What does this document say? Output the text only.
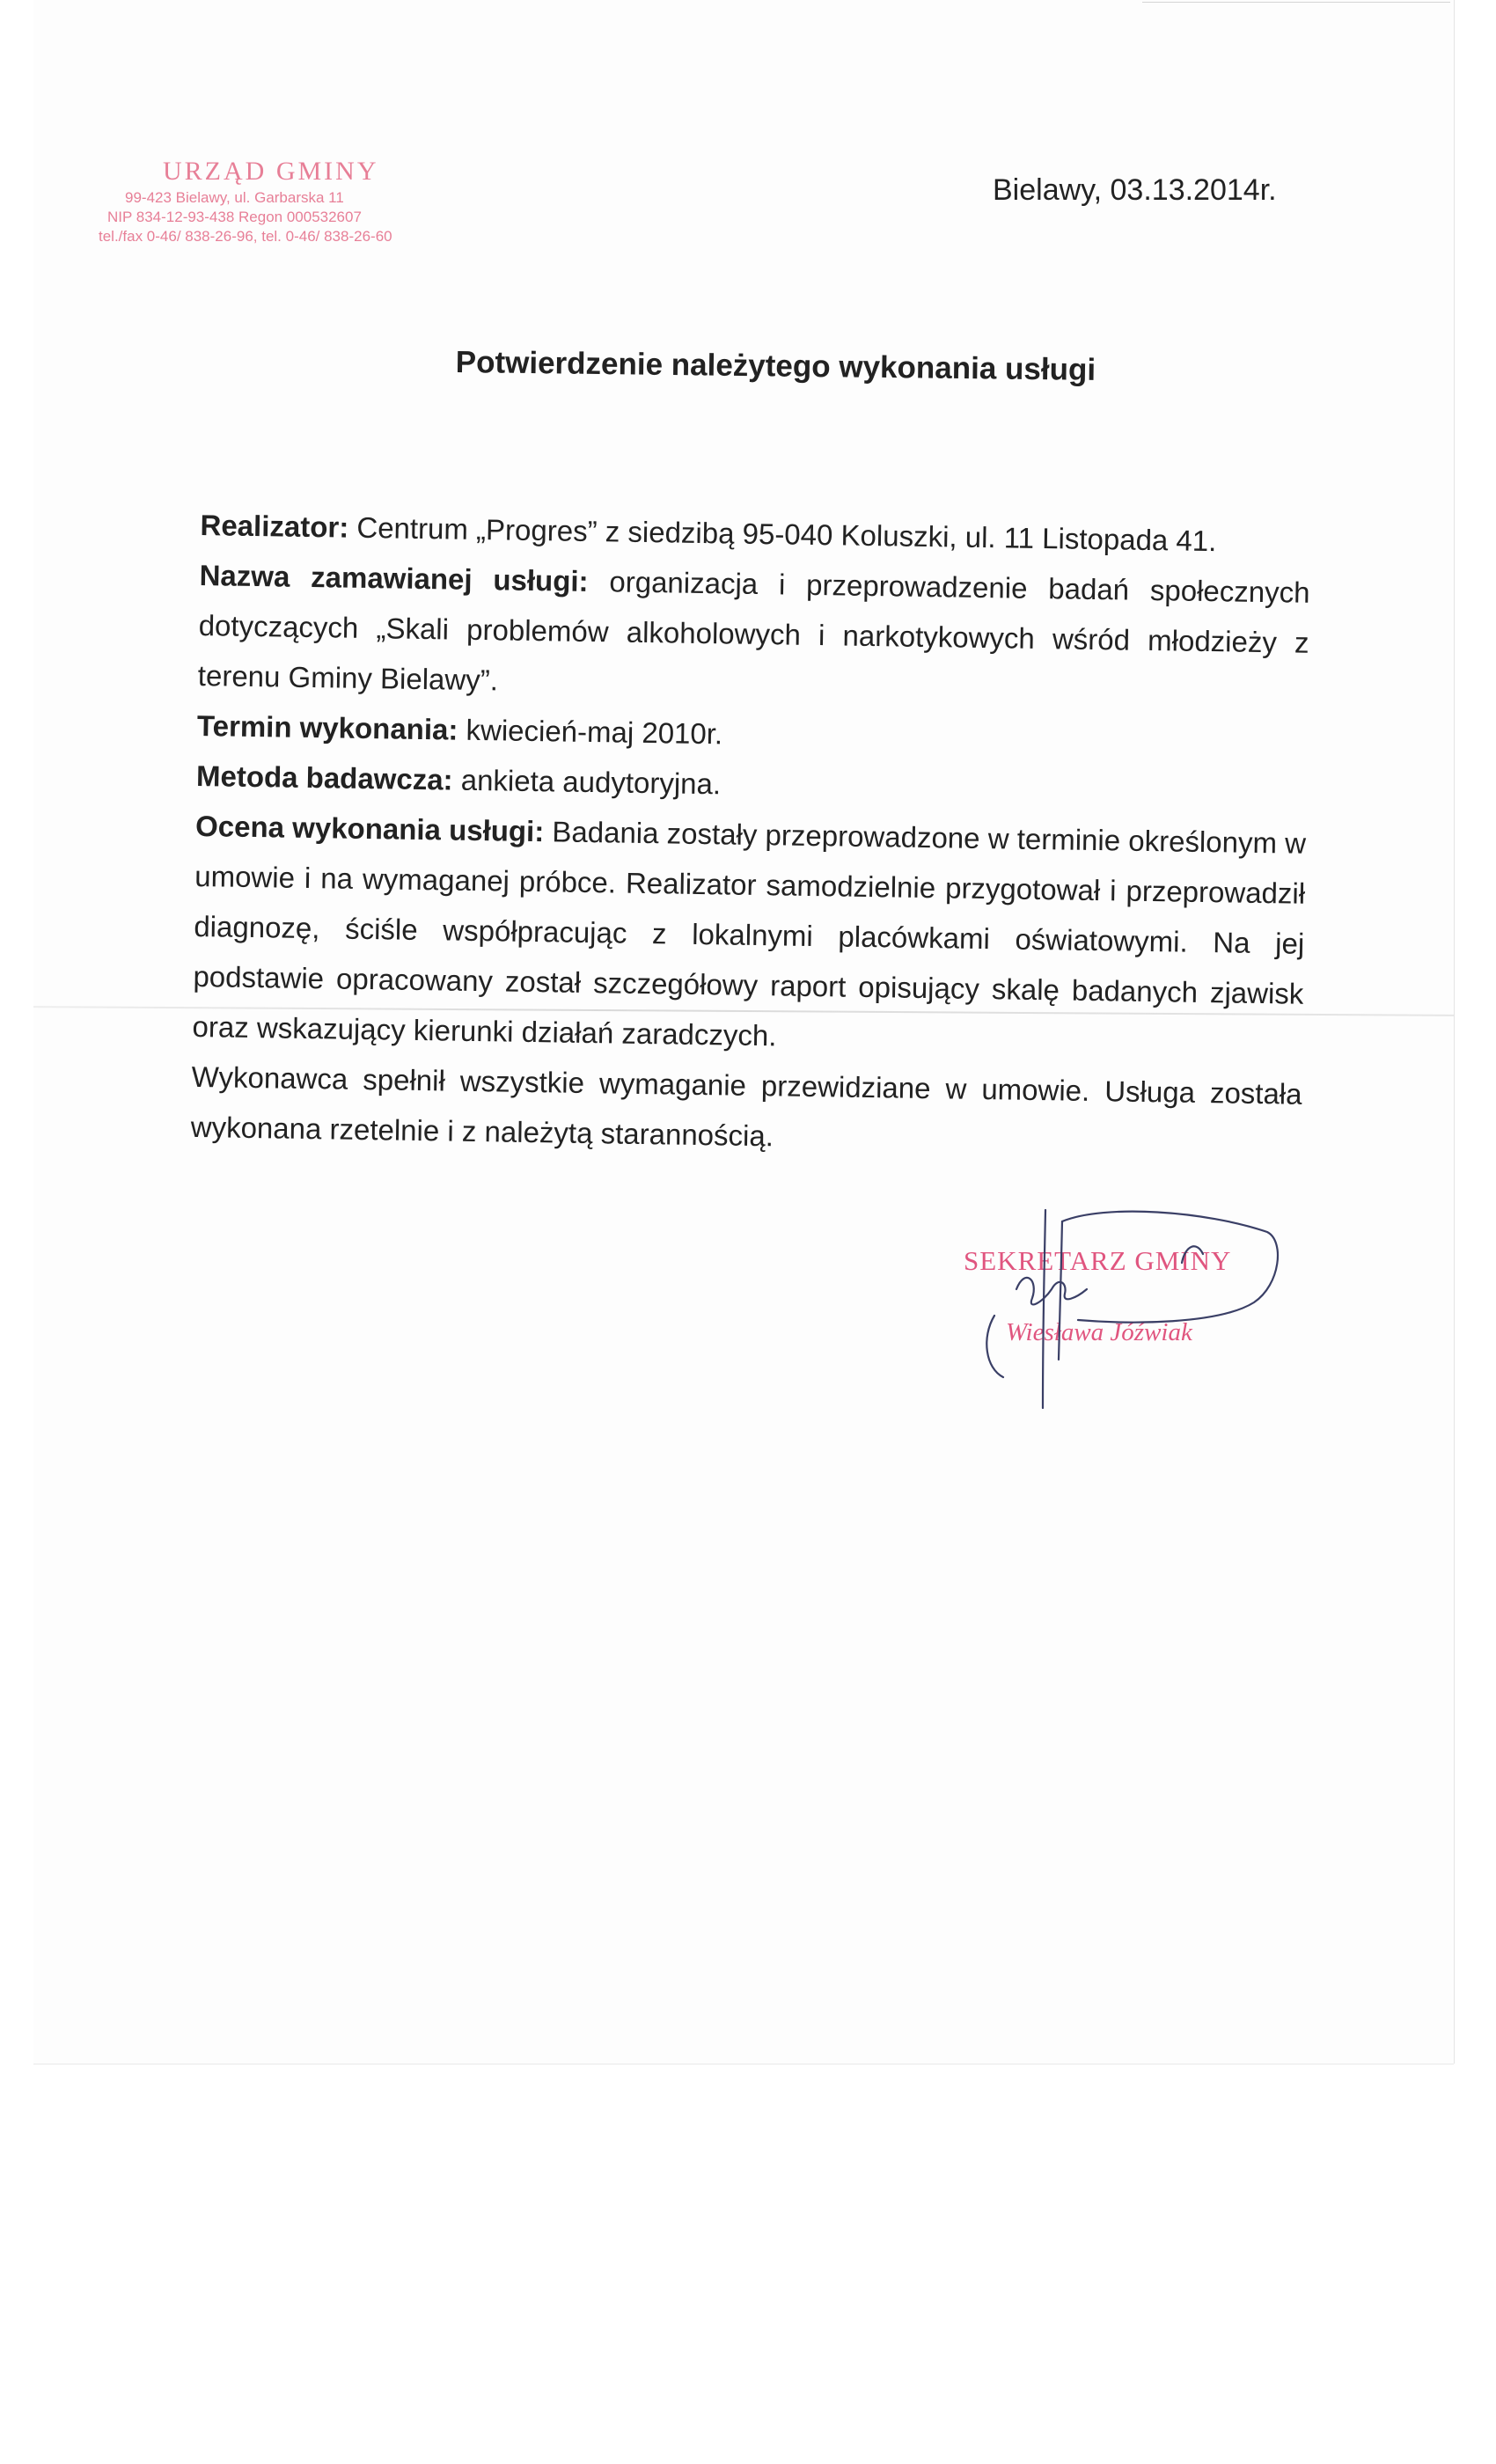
URZĄD GMINY
99-423 Bielawy, ul. Garbarska 11
NIP 834-12-93-438 Regon 000532607
tel./fax 0-46/ 838-26-96, tel. 0-46/ 838-26-60
Bielawy, 03.13.2014r.
Potwierdzenie należytego wykonania usługi

Realizator: Centrum „Progres” z siedzibą 95-040 Koluszki, ul. 11 Listopada 41.

Nazwa zamawianej usługi: organizacja i przeprowadzenie badań społecznych dotyczących „Skali problemów alkoholowych i narkotykowych wśród młodzieży z terenu Gminy Bielawy”.

Termin wykonania: kwiecień-maj 2010r.

Metoda badawcza: ankieta audytoryjna.

Ocena wykonania usługi: Badania zostały przeprowadzone w terminie określonym w umowie i na wymaganej próbce. Realizator samodzielnie przygotował i przeprowadził diagnozę, ściśle współpracując z lokalnymi placówkami oświatowymi. Na jej podstawie opracowany został szczegółowy raport opisujący skalę badanych zjawisk oraz wskazujący kierunki działań zaradczych.

Wykonawca spełnił wszystkie wymaganie przewidziane w umowie. Usługa została wykonana rzetelnie i z należytą starannością.

SEKRETARZ GMINY
Wiesława Jóźwiak
